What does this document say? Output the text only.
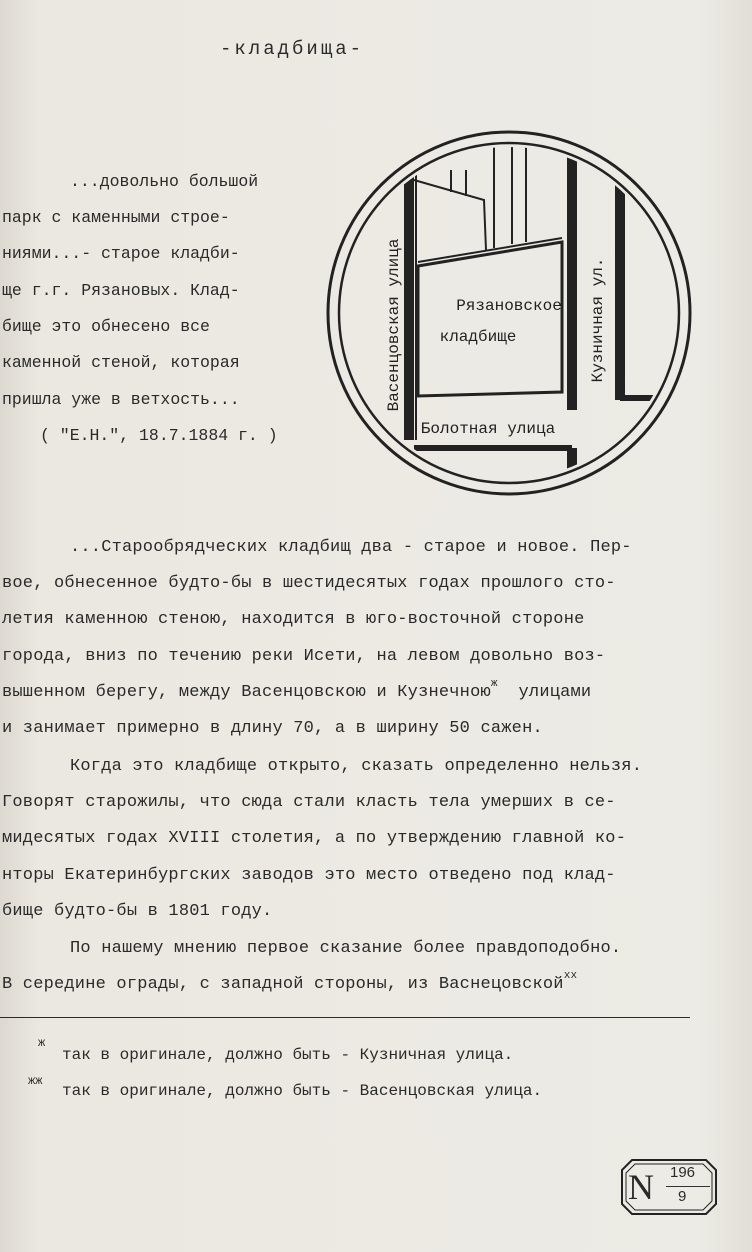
-кладбища-
...довольно большой
парк с каменными строе-
ниями...- старое кладби-
ще г.г. Рязановых. Клад-
бище это обнесено все
каменной стеной, которая
пришла уже в ветхость...
( "Е.Н.", 18.7.1884 г. )
Рязановское
кладбище
Болотная улица
Васенцовская улица	Кузничная ул.
...Старообрядческих кладбищ два - старое и новое. Пер-
вое, обнесенное будто-бы в шестидесятых годах прошлого сто-
летия каменною стеною, находится в юго-восточной стороне
города, вниз по течению реки Исети, на левом довольно воз-
вышенном берегу, между Васенцовскою и Кузнечною$^ж$ улицами
и занимает примерно в длину 70, а в ширину 50 сажен.
Когда это кладбище открыто, сказать определенно нельзя.
Говорят старожилы, что сюда стали класть тела умерших в се-
мидесятых годах XVIII столетия, а по утверждению главной ко-
нторы Екатеринбургских заводов это место отведено под клад-
бище будто-бы в 1801 году.
По нашему мнению первое сказание более правдоподобно.
В середине ограды, с западной стороны, из Васнецовской$^{хх}$
ж
так в оригинале, должно быть - Кузничная улица.
жж
так в оригинале, должно быть - Васенцовская улица.
N 196
9
